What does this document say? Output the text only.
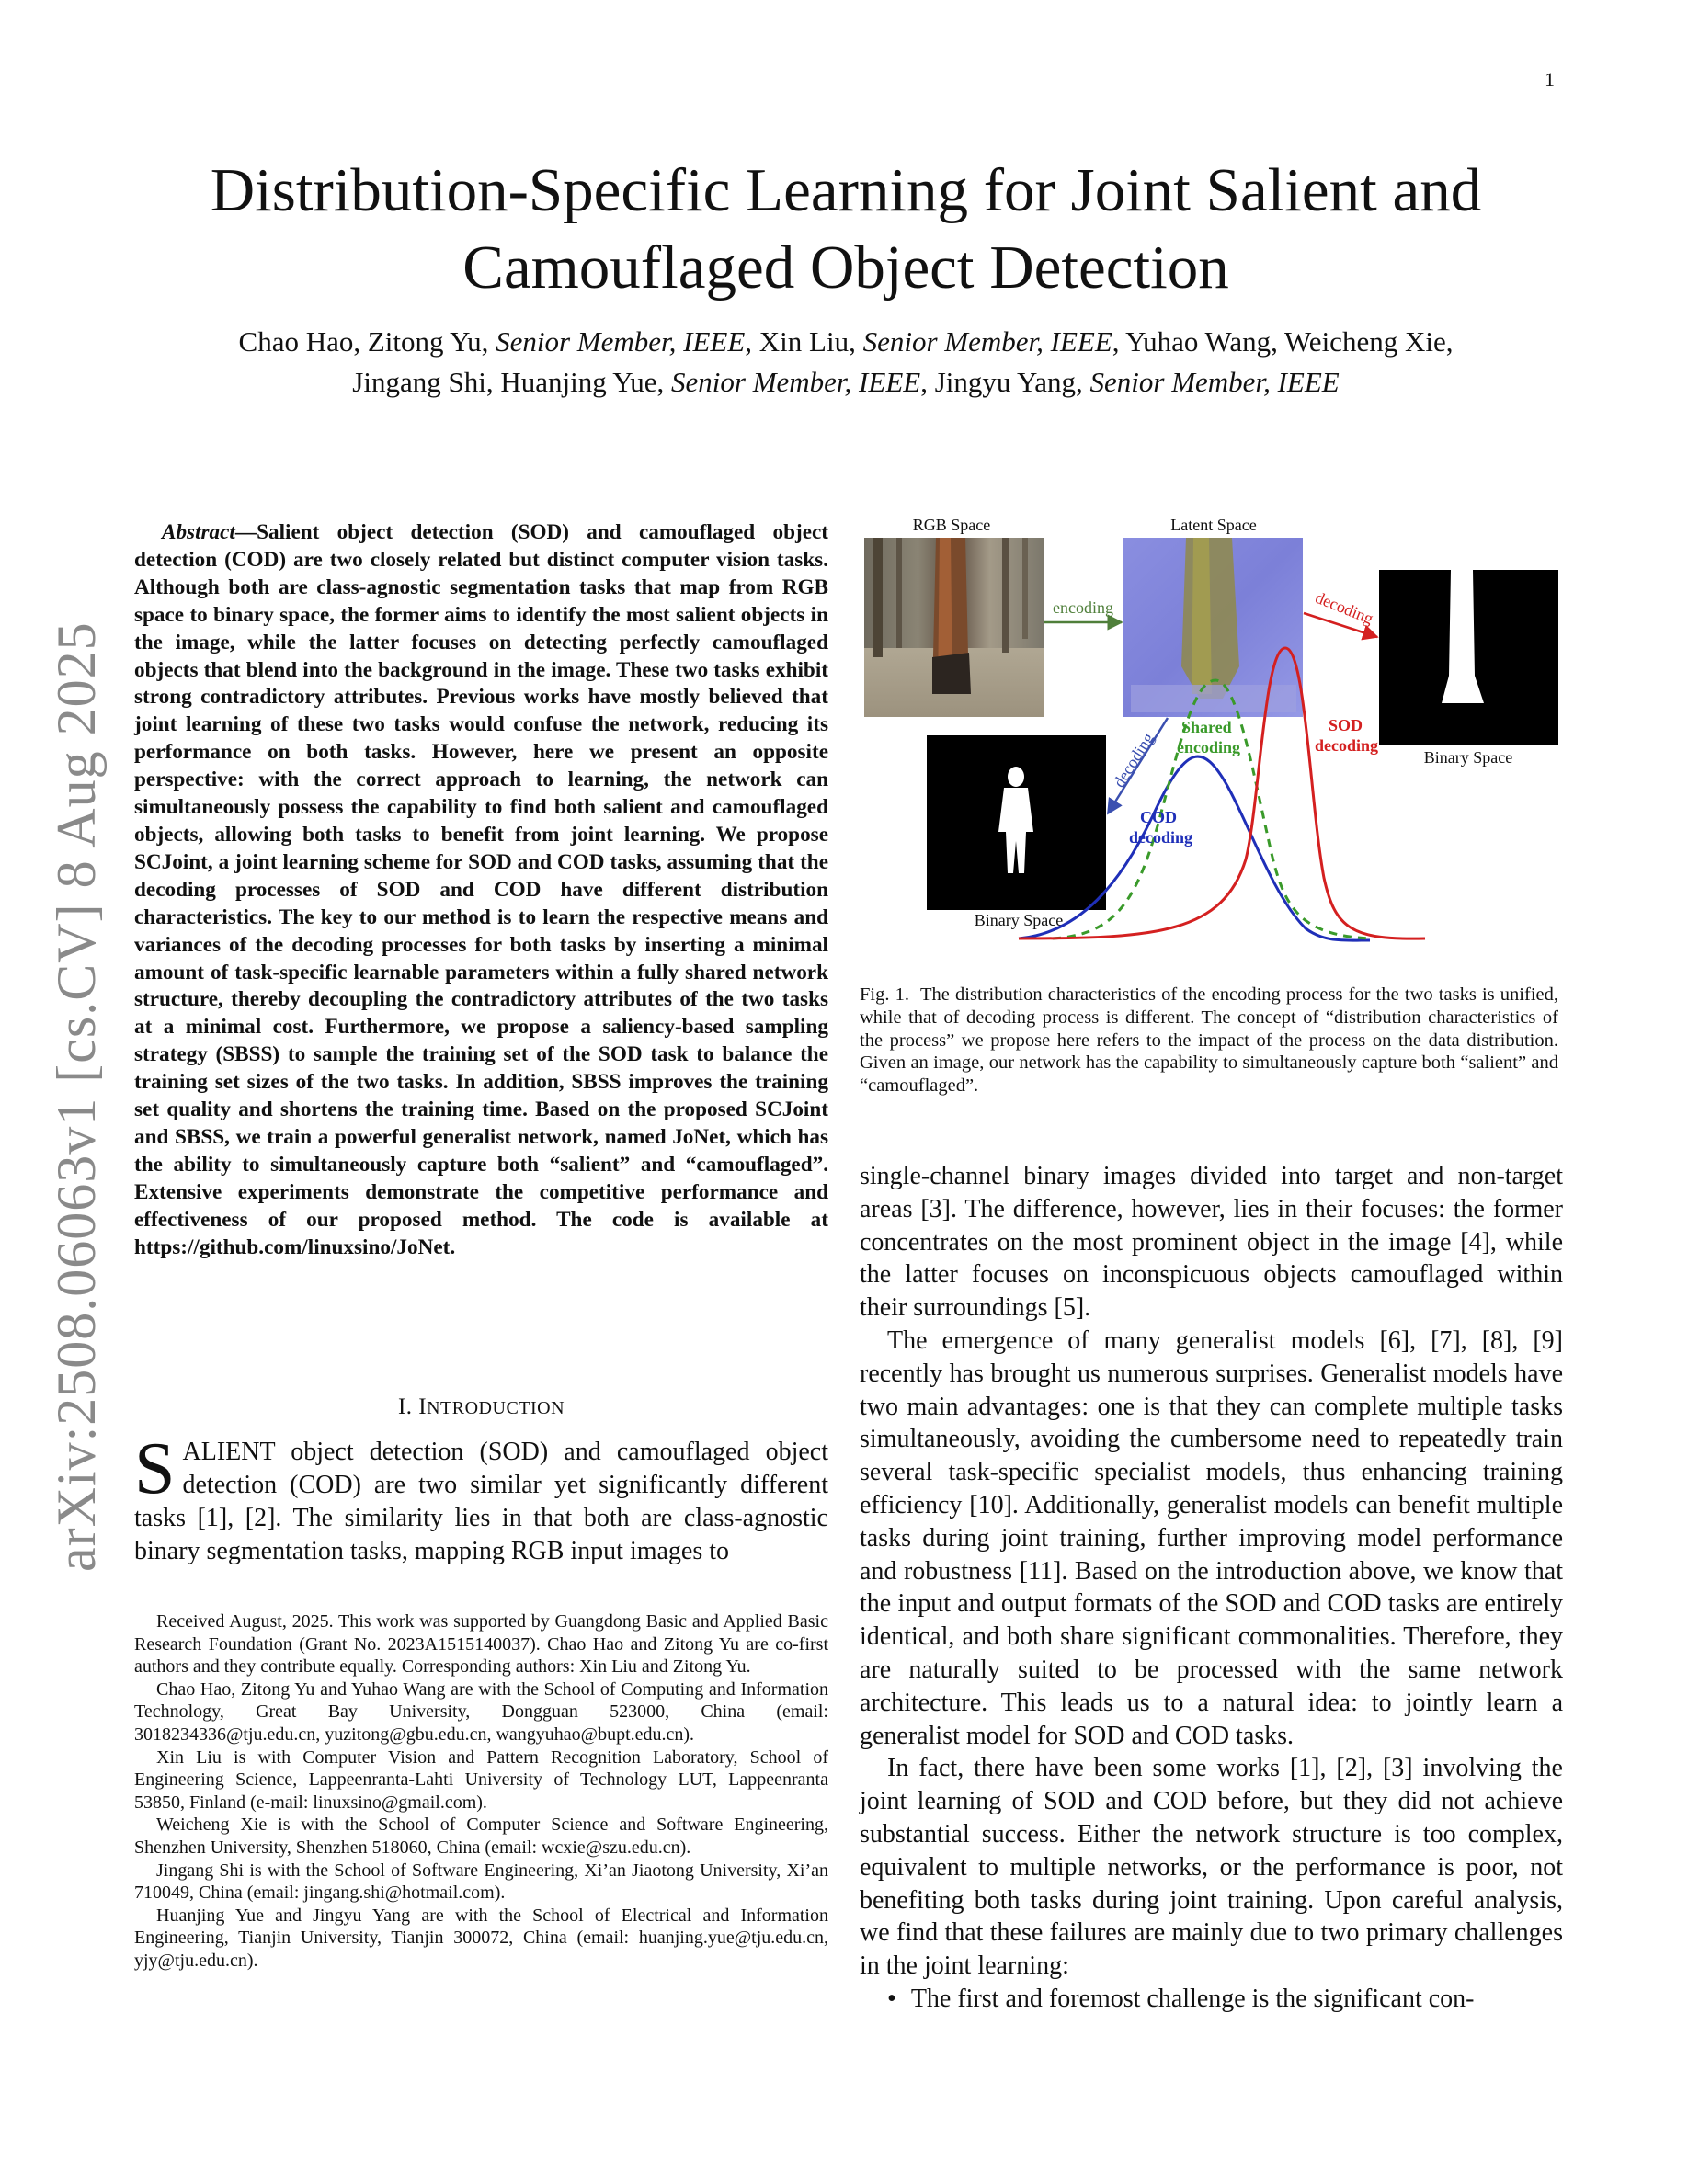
1
arXiv:2508.06063v1 [cs.CV] 8 Aug 2025
Distribution-Specific Learning for Joint Salient and Camouflaged Object Detection
Chao Hao, Zitong Yu, Senior Member, IEEE, Xin Liu, Senior Member, IEEE, Yuhao Wang, Weicheng Xie,
Jingang Shi, Huanjing Yue, Senior Member, IEEE, Jingyu Yang, Senior Member, IEEE
Abstract—Salient object detection (SOD) and camouflaged object detection (COD) are two closely related but distinct computer vision tasks. Although both are class-agnostic segmentation tasks that map from RGB space to binary space, the former aims to identify the most salient objects in the image, while the latter focuses on detecting perfectly camouflaged objects that blend into the background in the image. These two tasks exhibit strong contradictory attributes. Previous works have mostly believed that joint learning of these two tasks would confuse the network, reducing its performance on both tasks. However, here we present an opposite perspective: with the correct approach to learning, the network can simultaneously possess the capability to find both salient and camouflaged objects, allowing both tasks to benefit from joint learning. We propose SCJoint, a joint learning scheme for SOD and COD tasks, assuming that the decoding processes of SOD and COD have different distribution characteristics. The key to our method is to learn the respective means and variances of the decoding processes for both tasks by inserting a minimal amount of task-specific learnable parameters within a fully shared network structure, thereby decoupling the contradictory attributes of the two tasks at a minimal cost. Furthermore, we propose a saliency-based sampling strategy (SBSS) to sample the training set of the SOD task to balance the training set sizes of the two tasks. In addition, SBSS improves the training set quality and shortens the training time. Based on the proposed SCJoint and SBSS, we train a powerful generalist network, named JoNet, which has the ability to simultaneously capture both “salient” and “camouflaged”. Extensive experiments demonstrate the competitive performance and effectiveness of our proposed method. The code is available at https://github.com/linuxsino/JoNet.
I. INTRODUCTION
SALIENT object detection (SOD) and camouflaged object detection (COD) are two similar yet significantly different tasks [1], [2]. The similarity lies in that both are class-agnostic binary segmentation tasks, mapping RGB input images to

Received August, 2025. This work was supported by Guangdong Basic and Applied Basic Research Foundation (Grant No. 2023A1515140037). Chao Hao and Zitong Yu are co-first authors and they contribute equally. Corresponding authors: Xin Liu and Zitong Yu.

Chao Hao, Zitong Yu and Yuhao Wang are with the School of Computing and Information Technology, Great Bay University, Dongguan 523000, China (email: 3018234336@tju.edu.cn, yuzitong@gbu.edu.cn, wangyuhao@bupt.edu.cn).

Xin Liu is with Computer Vision and Pattern Recognition Laboratory, School of Engineering Science, Lappeenranta-Lahti University of Technology LUT, Lappeenranta 53850, Finland (e-mail: linuxsino@gmail.com).

Weicheng Xie is with the School of Computer Science and Software Engineering, Shenzhen University, Shenzhen 518060, China (email: wcxie@szu.edu.cn).

Jingang Shi is with the School of Software Engineering, Xi’an Jiaotong University, Xi’an 710049, China (email: jingang.shi@hotmail.com).

Huanjing Yue and Jingyu Yang are with the School of Electrical and Information Engineering, Tianjin University, Tianjin 300072, China (email: huanjing.yue@tju.edu.cn, yjy@tju.edu.cn).

RGB Space	Latent Space
Binary Space
Binary Space
encoding	decoding
decoding
Shared encoding
SOD decoding
COD decoding
Fig. 1. The distribution characteristics of the encoding process for the two tasks is unified, while that of decoding process is different. The concept of “distribution characteristics of the process” we propose here refers to the impact of the process on the data distribution. Given an image, our network has the capability to simultaneously capture both “salient” and “camouflaged”.

single-channel binary images divided into target and non-target areas [3]. The difference, however, lies in their focuses: the former concentrates on the most prominent object in the image [4], while the latter focuses on inconspicuous objects camouflaged within their surroundings [5].

The emergence of many generalist models [6], [7], [8], [9] recently has brought us numerous surprises. Generalist models have two main advantages: one is that they can complete multiple tasks simultaneously, avoiding the cumbersome need to repeatedly train several task-specific specialist models, thus enhancing training efficiency [10]. Additionally, generalist models can benefit multiple tasks during joint training, further improving model performance and robustness [11]. Based on the introduction above, we know that the input and output formats of the SOD and COD tasks are entirely identical, and both share significant commonalities. Therefore, they are naturally suited to be processed with the same network architecture. This leads us to a natural idea: to jointly learn a generalist model for SOD and COD tasks.

In fact, there have been some works [1], [2], [3] involving the joint learning of SOD and COD before, but they did not achieve substantial success. Either the network structure is too complex, equivalent to multiple networks, or the performance is poor, not benefiting both tasks during joint training. Upon careful analysis, we find that these failures are mainly due to two primary challenges in the joint learning:

• The first and foremost challenge is the significant con-
